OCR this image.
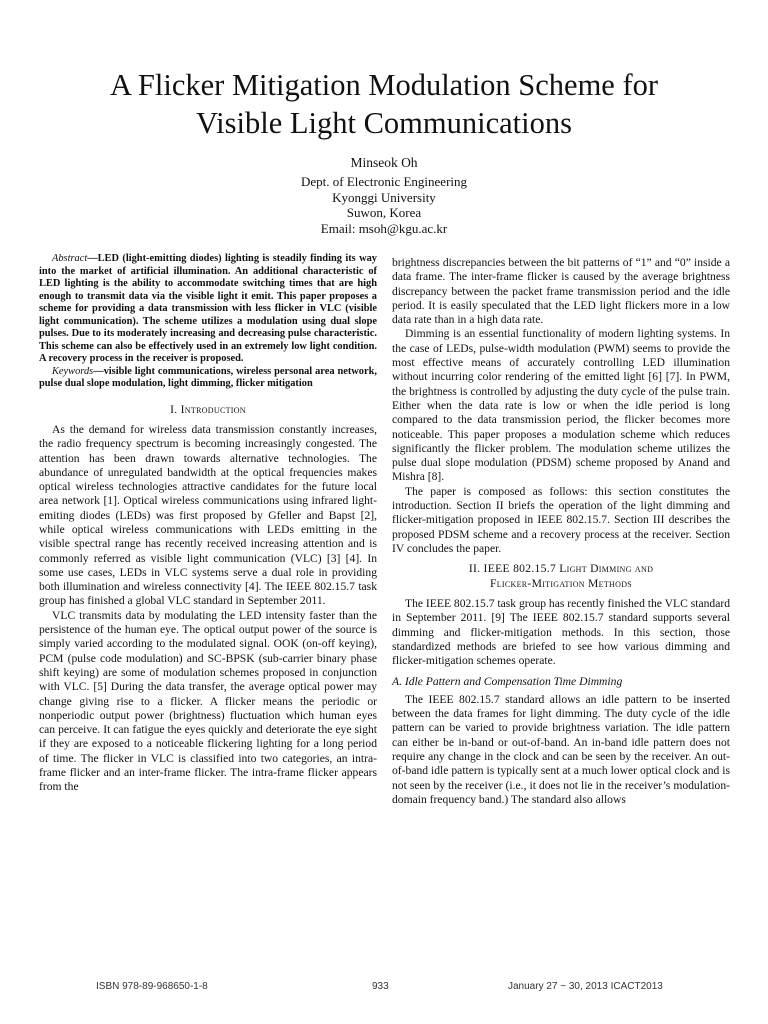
A Flicker Mitigation Modulation Scheme for
Visible Light Communications
Minseok Oh
Dept. of Electronic Engineering
Kyonggi University
Suwon, Korea
Email: msoh@kgu.ac.kr

Abstract—LED (light-emitting diodes) lighting is steadily finding its way into the market of artificial illumination. An additional characteristic of LED lighting is the ability to accommodate switching times that are high enough to transmit data via the visible light it emit. This paper proposes a scheme for providing a data transmission with less flicker in VLC (visible light communication). The scheme utilizes a modulation using dual slope pulses. Due to its moderately increasing and decreasing pulse characteristic. This scheme can also be effectively used in an extremely low light condition. A recovery process in the receiver is proposed.

Keywords—visible light communications, wireless personal area network, pulse dual slope modulation, light dimming, flicker mitigation

I. Introduction

As the demand for wireless data transmission constantly increases, the radio frequency spectrum is becoming increasingly congested. The attention has been drawn towards alternative technologies. The abundance of unregulated bandwidth at the optical frequencies makes optical wireless technologies attractive candidates for the future local area network [1]. Optical wireless communications using infrared light-emiting diodes (LEDs) was first proposed by Gfeller and Bapst [2], while optical wireless communications with LEDs emitting in the visible spectral range has recently received increasing attention and is commonly referred as visible light communication (VLC) [3] [4]. In some use cases, LEDs in VLC systems serve a dual role in providing both illumination and wireless connectivity [4]. The IEEE 802.15.7 task group has finished a global VLC standard in September 2011.

VLC transmits data by modulating the LED intensity faster than the persistence of the human eye. The optical output power of the source is simply varied according to the modulated signal. OOK (on-off keying), PCM (pulse code modulation) and SC-BPSK (sub-carrier binary phase shift keying) are some of modulation schemes proposed in conjunction with VLC. [5] During the data transfer, the average optical power may change giving rise to a flicker. A flicker means the periodic or nonperiodic output power (brightness) fluctuation which human eyes can perceive. It can fatigue the eyes quickly and deteriorate the eye sight if they are exposed to a noticeable flickering lighting for a long period of time. The flicker in VLC is classified into two categories, an intra-frame flicker and an inter-frame flicker. The intra-frame flicker appears from the

brightness discrepancies between the bit patterns of “1” and “0” inside a data frame. The inter-frame flicker is caused by the average brightness discrepancy between the packet frame transmission period and the idle period. It is easily speculated that the LED light flickers more in a low data rate than in a high data rate.

Dimming is an essential functionality of modern lighting systems. In the case of LEDs, pulse-width modulation (PWM) seems to provide the most effective means of accurately controlling LED illumination without incurring color rendering of the emitted light [6] [7]. In PWM, the brightness is controlled by adjusting the duty cycle of the pulse train. Either when the data rate is low or when the idle period is long compared to the data transmission period, the flicker becomes more noticeable. This paper proposes a modulation scheme which reduces significantly the flicker problem. The modulation scheme utilizes the pulse dual slope modulation (PDSM) scheme proposed by Anand and Mishra [8].

The paper is composed as follows: this section constitutes the introduction. Section II briefs the operation of the light dimming and flicker-mitigation proposed in IEEE 802.15.7. Section III describes the proposed PDSM scheme and a recovery process at the receiver. Section IV concludes the paper.

II. IEEE 802.15.7 Light Dimming and
Flicker-Mitigation Methods

The IEEE 802.15.7 task group has recently finished the VLC standard in September 2011. [9] The IEEE 802.15.7 standard supports several dimming and flicker-mitigation methods. In this section, those standardized methods are briefed to see how various dimming and flicker-mitigation schemes operate.

A. Idle Pattern and Compensation Time Dimming

The IEEE 802.15.7 standard allows an idle pattern to be inserted between the data frames for light dimming. The duty cycle of the idle pattern can be varied to provide brightness variation. The idle pattern can either be in-band or out-of-band. An in-band idle pattern does not require any change in the clock and can be seen by the receiver. An out-of-band idle pattern is typically sent at a much lower optical clock and is not seen by the receiver (i.e., it does not lie in the receiver’s modulation-domain frequency band.) The standard also allows

ISBN 978-89-968650-1-8	933	January 27 ~ 30, 2013 ICACT2013
